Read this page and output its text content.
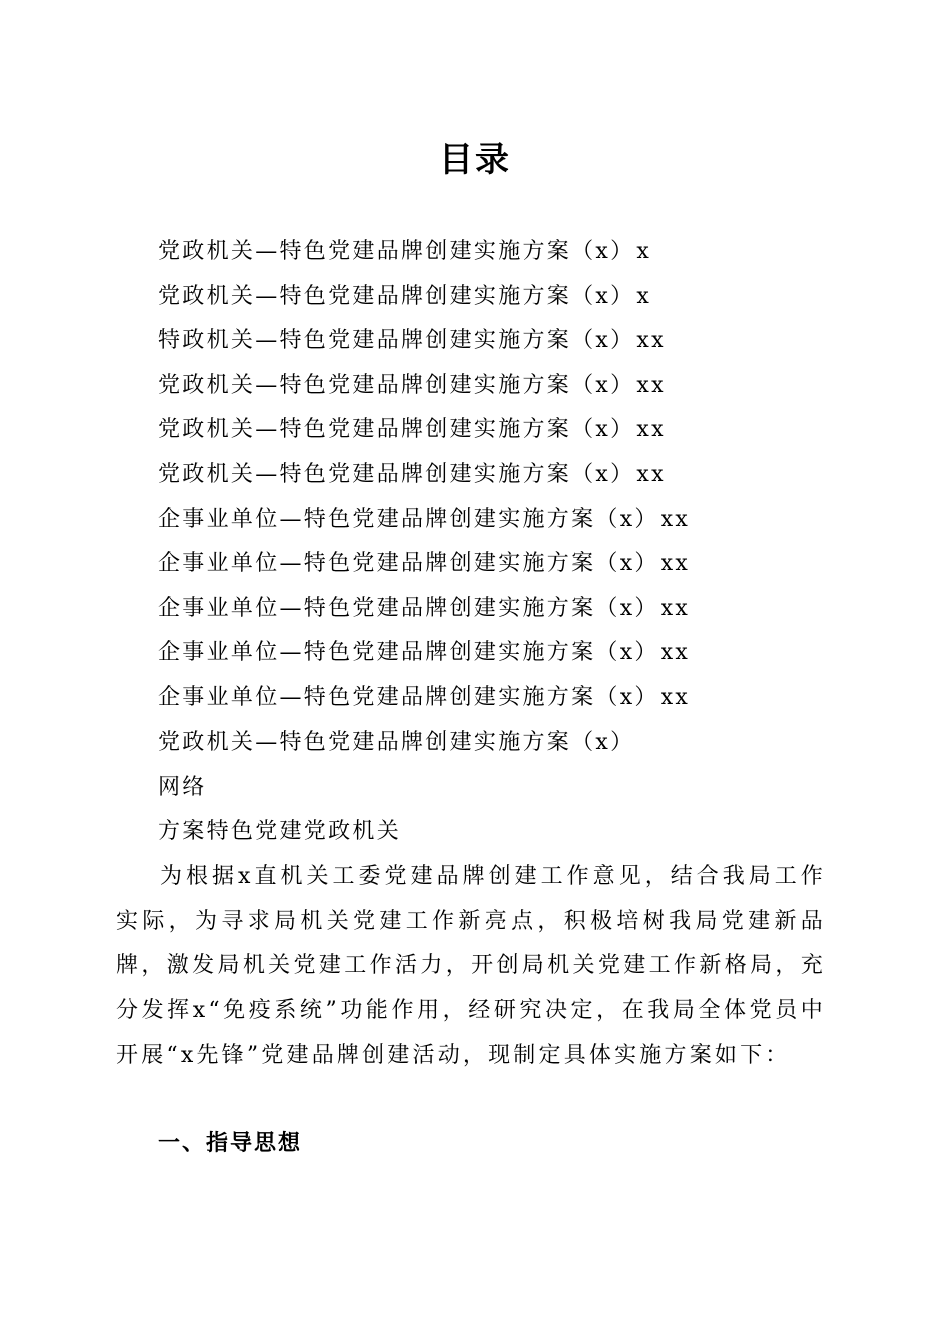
目录
党政机关—特色党建品牌创建实施方案（x）x
党政机关—特色党建品牌创建实施方案（x）x
特政机关—特色党建品牌创建实施方案（x）xx
党政机关—特色党建品牌创建实施方案（x）xx
党政机关—特色党建品牌创建实施方案（x）xx
党政机关—特色党建品牌创建实施方案（x）xx
企事业单位—特色党建品牌创建实施方案（x）xx
企事业单位—特色党建品牌创建实施方案（x）xx
企事业单位—特色党建品牌创建实施方案（x）xx
企事业单位—特色党建品牌创建实施方案（x）xx
企事业单位—特色党建品牌创建实施方案（x）xx
党政机关—特色党建品牌创建实施方案（x）
网络
方案特色党建党政机关

为根据x直机关工委党建品牌创建工作意见，结合我局工作实际，为寻求局机关党建工作新亮点，积极培树我局党建新品牌，激发局机关党建工作活力，开创局机关党建工作新格局，充分发挥x“免疫系统”功能作用，经研究决定，在我局全体党员中开展“x先锋”党建品牌创建活动，现制定具体实施方案如下：

一、指导思想
